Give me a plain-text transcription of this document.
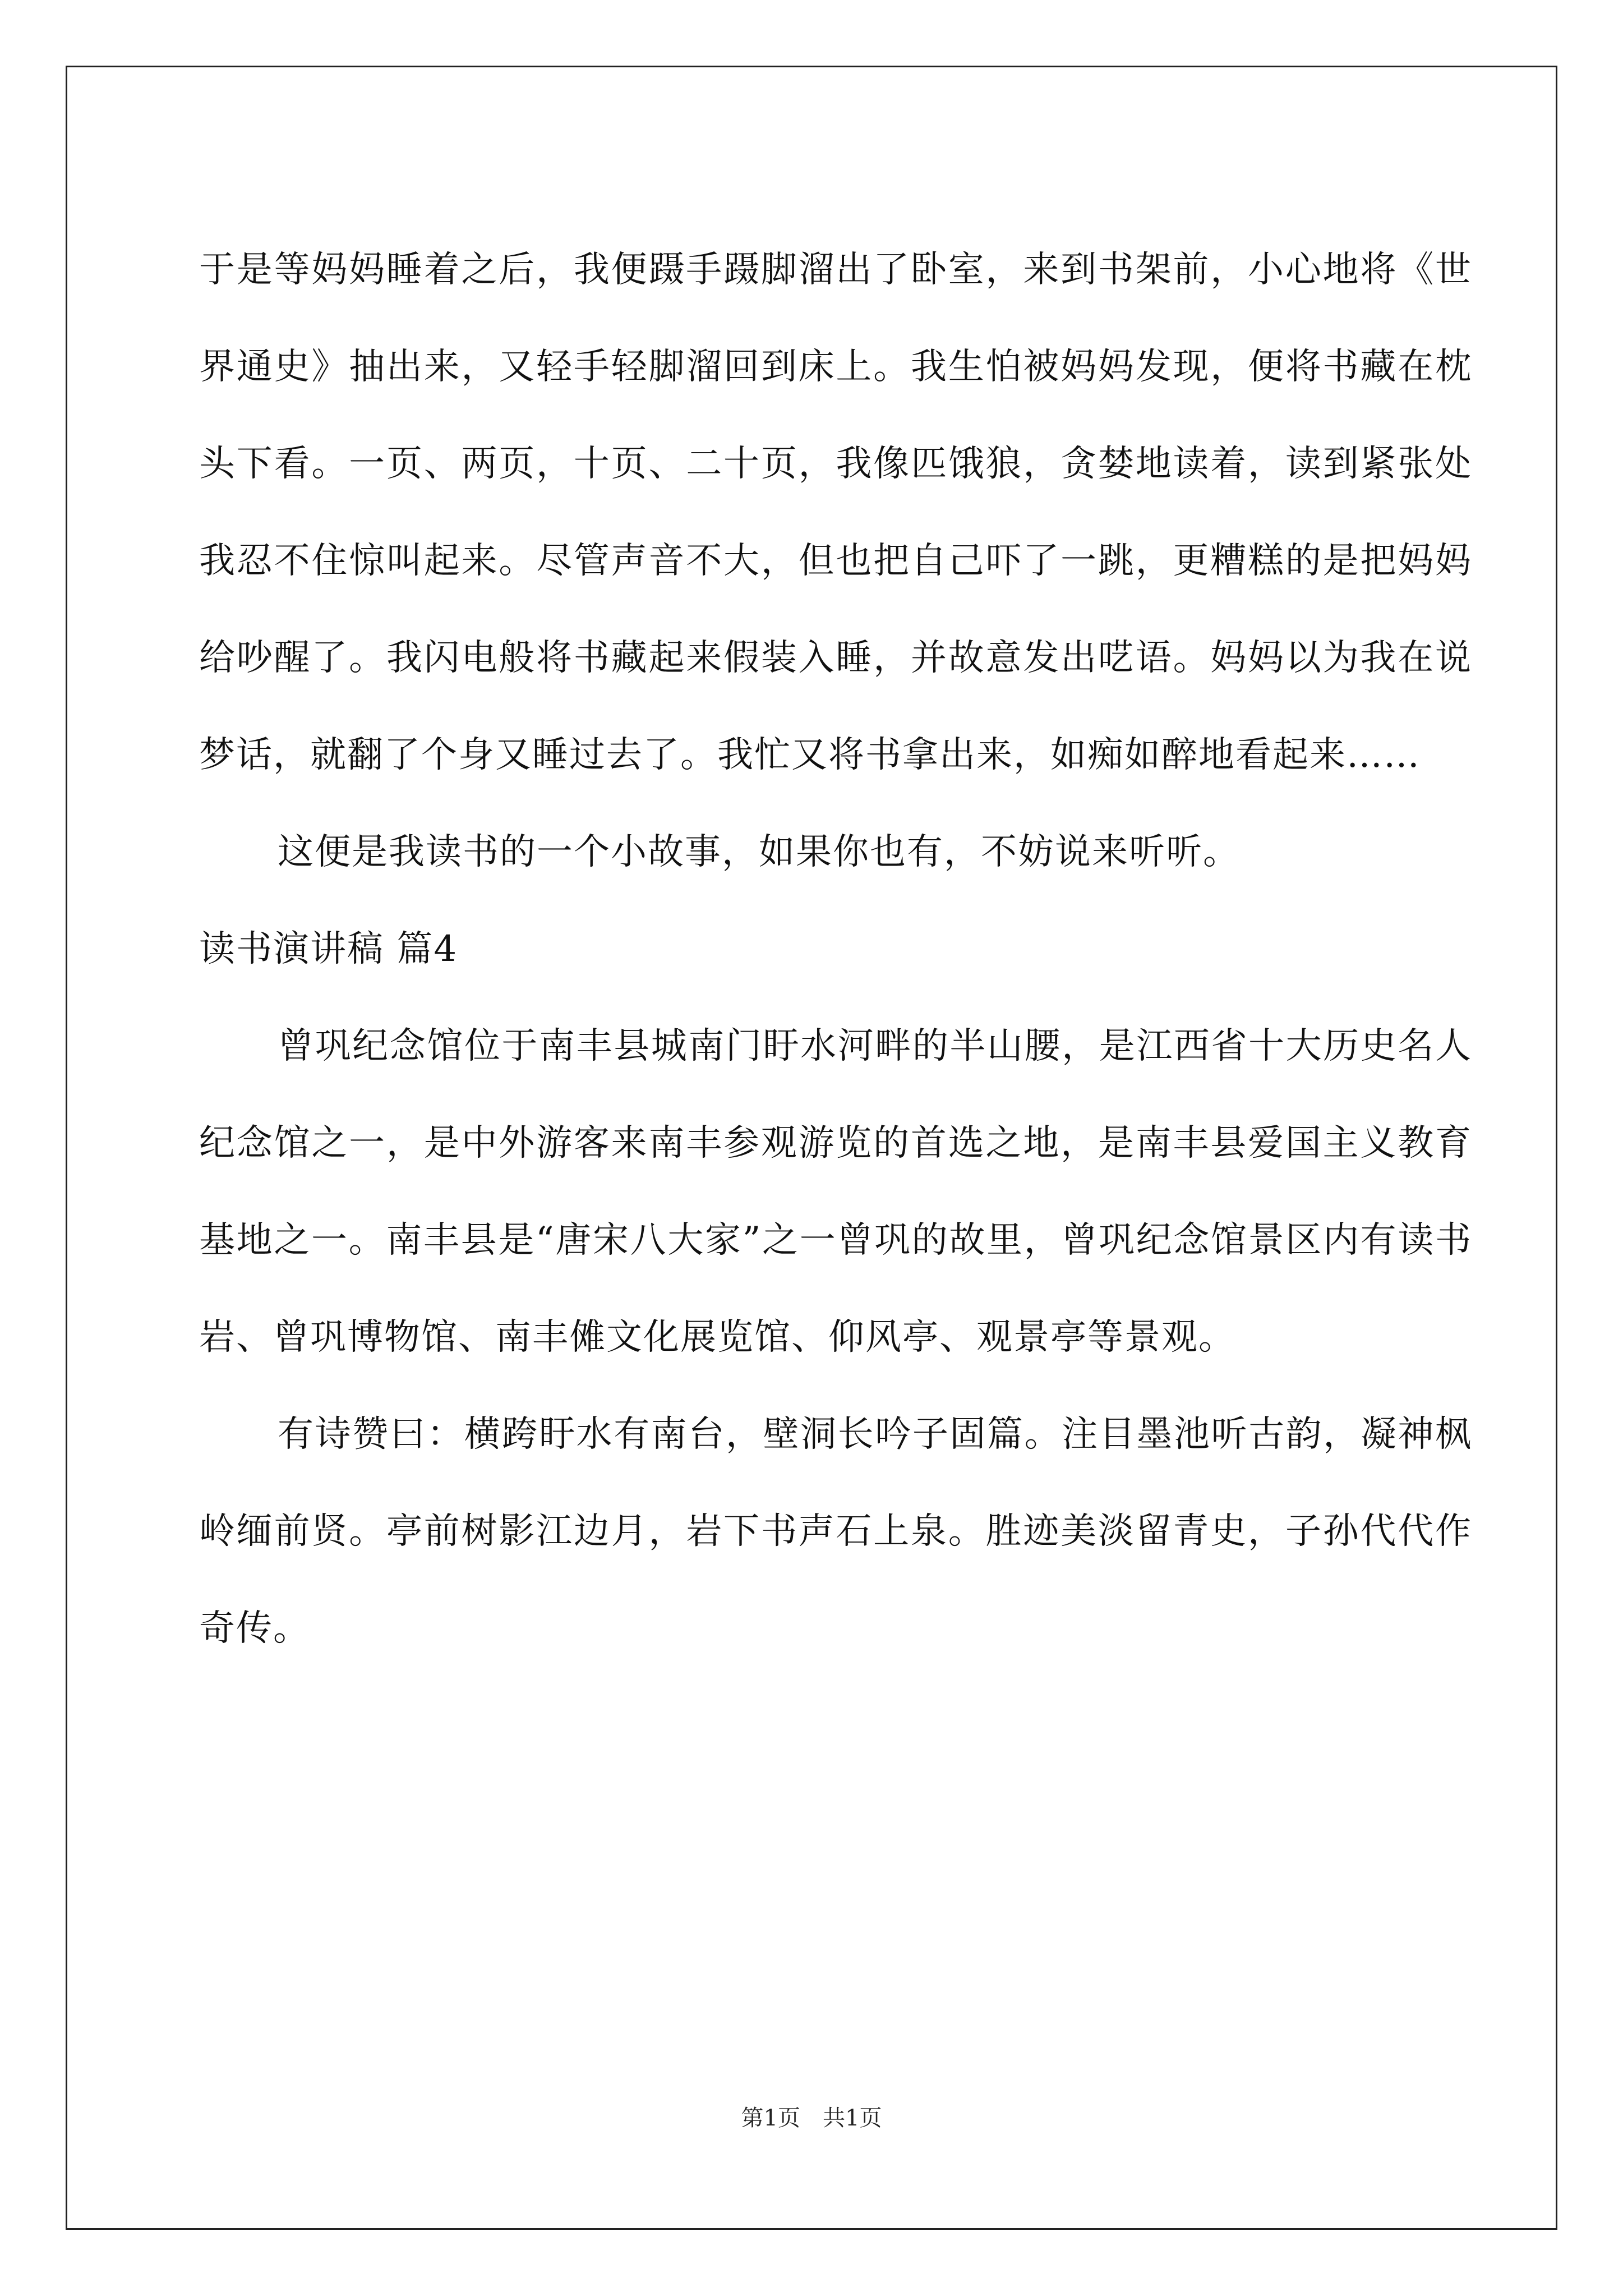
于是等妈妈睡着之后，我便蹑手蹑脚溜出了卧室，来到书架前，小心地将《世界通史》抽出来，又轻手轻脚溜回到床上。我生怕被妈妈发现，便将书藏在枕头下看。一页、两页，十页、二十页，我像匹饿狼，贪婪地读着，读到紧张处我忍不住惊叫起来。尽管声音不大，但也把自己吓了一跳，更糟糕的是把妈妈给吵醒了。我闪电般将书藏起来假装入睡，并故意发出呓语。妈妈以为我在说梦话，就翻了个身又睡过去了。我忙又将书拿出来，如痴如醉地看起来……

这便是我读书的一个小故事，如果你也有，不妨说来听听。

读书演讲稿 篇4

曾巩纪念馆位于南丰县城南门盱水河畔的半山腰，是江西省十大历史名人纪念馆之一，是中外游客来南丰参观游览的首选之地，是南丰县爱国主义教育基地之一。南丰县是“唐宋八大家”之一曾巩的故里，曾巩纪念馆景区内有读书岩、曾巩博物馆、南丰傩文化展览馆、仰风亭、观景亭等景观。

有诗赞曰：横跨盱水有南台，壁洞长吟子固篇。注目墨池听古韵，凝神枫岭缅前贤。亭前树影江边月，岩下书声石上泉。胜迹美淡留青史，子孙代代作奇传。

第1页 共1页
